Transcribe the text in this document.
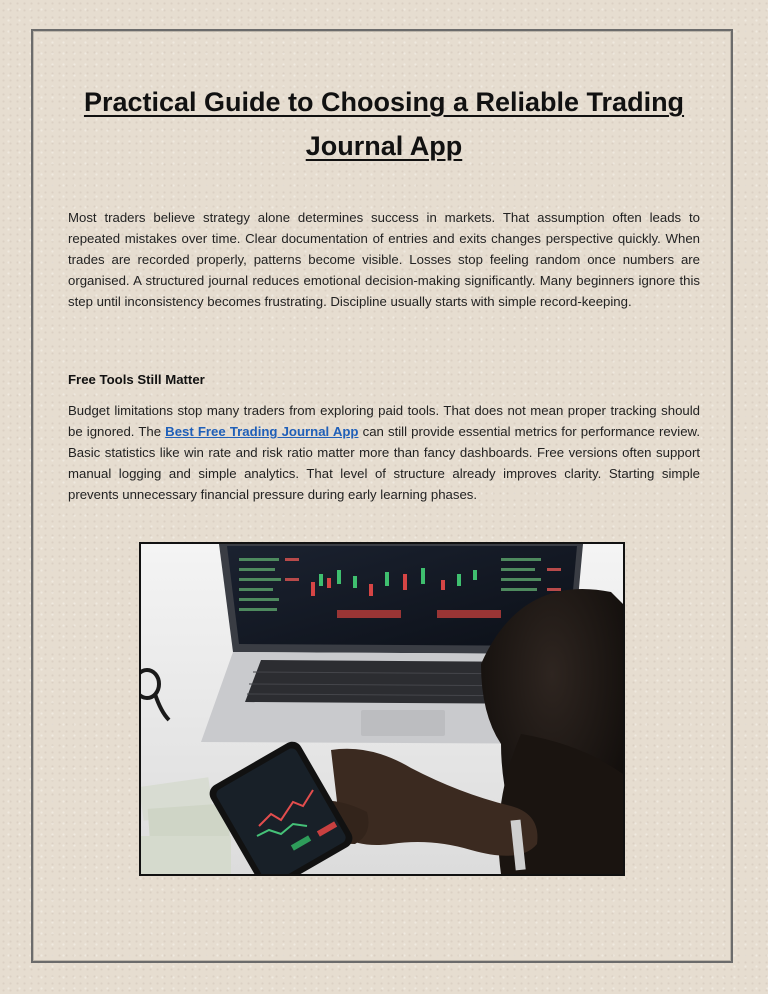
Practical Guide to Choosing a Reliable Trading Journal App

Most traders believe strategy alone determines success in markets. That assumption often leads to repeated mistakes over time. Clear documentation of entries and exits changes perspective quickly. When trades are recorded properly, patterns become visible. Losses stop feeling random once numbers are organised. A structured journal reduces emotional decision-making significantly. Many beginners ignore this step until inconsistency becomes frustrating. Discipline usually starts with simple record-keeping.

Free Tools Still Matter

Budget limitations stop many traders from exploring paid tools. That does not mean proper tracking should be ignored. The Best Free Trading Journal App can still provide essential metrics for performance review. Basic statistics like win rate and risk ratio matter more than fancy dashboards. Free versions often support manual logging and simple analytics. That level of structure already improves clarity. Starting simple prevents unnecessary financial pressure during early learning phases.
